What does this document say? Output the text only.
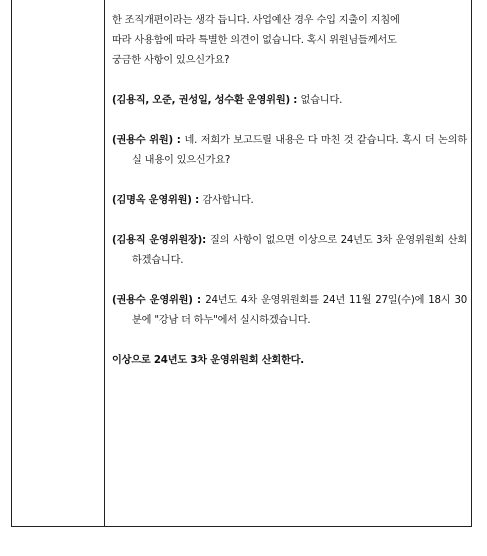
한 조직개편이라는 생각 듭니다. 사업예산 경우 수입 지출이 지침에

따라 사용함에 따라 특별한 의견이 없습니다. 혹시 위원님들께서도

궁금한 사항이 있으신가요?

(김용직, 오준, 권성일, 성수환 운영위원) : 없습니다.

(권용수 위원) : 네. 저희가 보고드릴 내용은 다 마친 것 같습니다. 혹시 더 논의하실 내용이 있으신가요?

(김명옥 운영위원) : 감사합니다.

(김용직 운영위원장): 질의 사항이 없으면 이상으로 24년도 3차 운영위원회 산회하겠습니다.

(권용수 운영위원) : 24년도 4차 운영위원회를 24년 11월 27일(수)에 18시 30분에 "강남 더 하누"에서 실시하겠습니다.

이상으로 24년도 3차 운영위원회 산회한다.
